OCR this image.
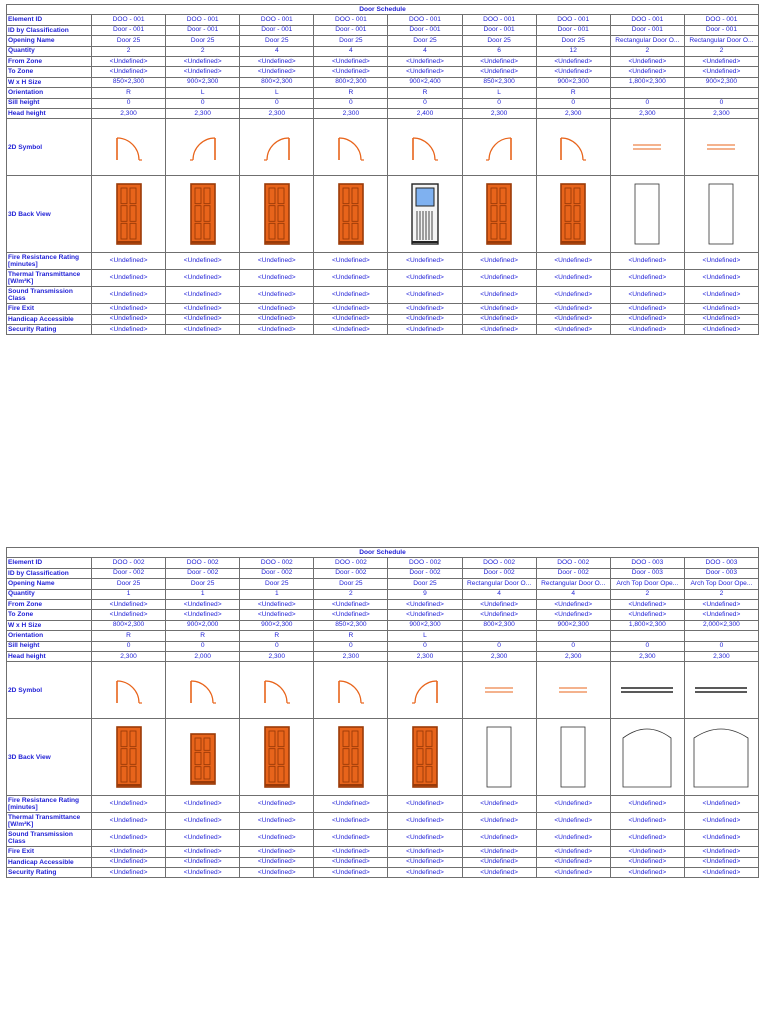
Door Schedule									
Element ID	DOO - 001	DOO - 001	DOO - 001	DOO - 001	DOO - 001	DOO - 001	DOO - 001	DOO - 001	DOO - 001
ID by Classification	Door - 001	Door - 001	Door - 001	Door - 001	Door - 001	Door - 001	Door - 001	Door - 001	Door - 001
Opening Name	Door 25	Door 25	Door 25	Door 25	Door 25	Door 25	Door 25	Rectangular Door O...	Rectangular Door O...
Quantity	2	2	4	4	4	6	12	2	2
From Zone	<Undefined>	<Undefined>	<Undefined>	<Undefined>	<Undefined>	<Undefined>	<Undefined>	<Undefined>	<Undefined>
To Zone	<Undefined>	<Undefined>	<Undefined>	<Undefined>	<Undefined>	<Undefined>	<Undefined>	<Undefined>	<Undefined>
W x H Size	850×2,300	900×2,300	800×2,300	800×2,300	900×2,400	850×2,300	900×2,300	1,800×2,300	900×2,300
Orientation	R	L	L	R	R	L	R		
Sill height	0	0	0	0	0	0	0	0	0
Head height	2,300	2,300	2,300	2,300	2,400	2,300	2,300	2,300	2,300
2D Symbol	

3D Back View	

Fire Resistance Rating [minutes]	<Undefined>	<Undefined>	<Undefined>	<Undefined>	<Undefined>	<Undefined>	<Undefined>	<Undefined>	<Undefined>
Thermal Transmittance [W/m²K]	<Undefined>	<Undefined>	<Undefined>	<Undefined>	<Undefined>	<Undefined>	<Undefined>	<Undefined>	<Undefined>
Sound Transmission Class	<Undefined>	<Undefined>	<Undefined>	<Undefined>	<Undefined>	<Undefined>	<Undefined>	<Undefined>	<Undefined>
Fire Exit	<Undefined>	<Undefined>	<Undefined>	<Undefined>	<Undefined>	<Undefined>	<Undefined>	<Undefined>	<Undefined>
Handicap Accessible	<Undefined>	<Undefined>	<Undefined>	<Undefined>	<Undefined>	<Undefined>	<Undefined>	<Undefined>	<Undefined>
Security Rating	<Undefined>	<Undefined>	<Undefined>	<Undefined>	<Undefined>	<Undefined>	<Undefined>	<Undefined>	<Undefined>
Door Schedule									
Element ID	DOO - 002	DOO - 002	DOO - 002	DOO - 002	DOO - 002	DOO - 002	DOO - 002	DOO - 003	DOO - 003
ID by Classification	Door - 002	Door - 002	Door - 002	Door - 002	Door - 002	Door - 002	Door - 002	Door - 003	Door - 003
Opening Name	Door 25	Door 25	Door 25	Door 25	Door 25	Rectangular Door O...	Rectangular Door O...	Arch Top Door Ope...	Arch Top Door Ope...
Quantity	1	1	1	2	9	4	4	2	2
From Zone	<Undefined>	<Undefined>	<Undefined>	<Undefined>	<Undefined>	<Undefined>	<Undefined>	<Undefined>	<Undefined>
To Zone	<Undefined>	<Undefined>	<Undefined>	<Undefined>	<Undefined>	<Undefined>	<Undefined>	<Undefined>	<Undefined>
W x H Size	800×2,300	900×2,000	900×2,300	850×2,300	900×2,300	800×2,300	900×2,300	1,800×2,300	2,000×2,300
Orientation	R	R	R	R	L				
Sill height	0	0	0	0	0	0	0	0	0
Head height	2,300	2,000	2,300	2,300	2,300	2,300	2,300	2,300	2,300
2D Symbol	

3D Back View	

Fire Resistance Rating [minutes]	<Undefined>	<Undefined>	<Undefined>	<Undefined>	<Undefined>	<Undefined>	<Undefined>	<Undefined>	<Undefined>
Thermal Transmittance [W/m²K]	<Undefined>	<Undefined>	<Undefined>	<Undefined>	<Undefined>	<Undefined>	<Undefined>	<Undefined>	<Undefined>
Sound Transmission Class	<Undefined>	<Undefined>	<Undefined>	<Undefined>	<Undefined>	<Undefined>	<Undefined>	<Undefined>	<Undefined>
Fire Exit	<Undefined>	<Undefined>	<Undefined>	<Undefined>	<Undefined>	<Undefined>	<Undefined>	<Undefined>	<Undefined>
Handicap Accessible	<Undefined>	<Undefined>	<Undefined>	<Undefined>	<Undefined>	<Undefined>	<Undefined>	<Undefined>	<Undefined>
Security Rating	<Undefined>	<Undefined>	<Undefined>	<Undefined>	<Undefined>	<Undefined>	<Undefined>	<Undefined>	<Undefined>
